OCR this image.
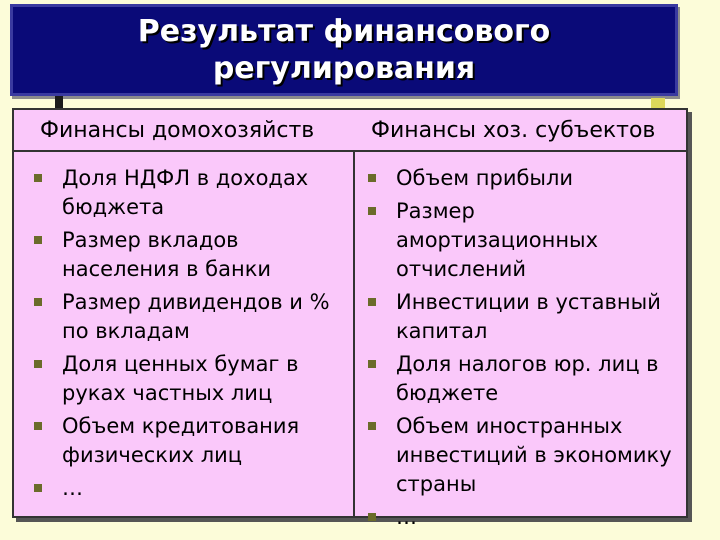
Результат финансового регулирования
Финансы домохозяйств	Финансы хоз. субъектов
Доля НДФЛ в доходах бюджета
Размер вкладов населения в банки
Размер дивидендов и % по вкладам
Доля ценных бумаг в руках частных лиц
Объем кредитования физических лиц
…
Объем прибыли
Размер амортизационных отчислений
Инвестиции в уставный капитал
Доля налогов юр. лиц в бюджете
Объем иностранных инвестиций в экономику страны
…
